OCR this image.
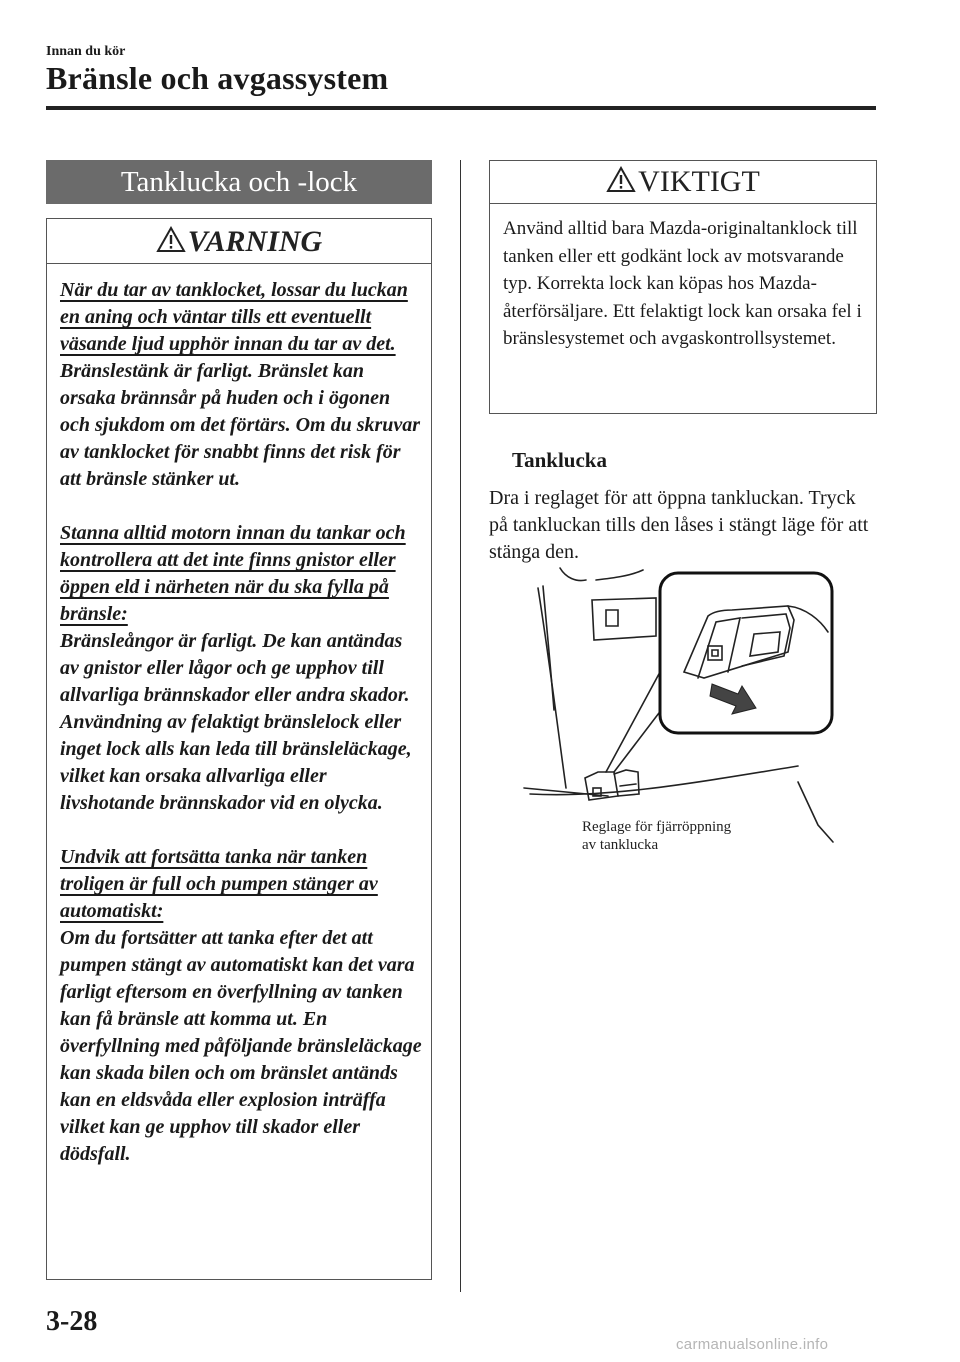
Innan du kör
Bränsle och avgassystem
Tanklucka och -lock
VARNING

När du tar av tanklocket, lossar du luckan en aning och väntar tills ett eventuellt väsande ljud upphör innan du tar av det.

Bränslestänk är farligt. Bränslet kan orsaka brännsår på huden och i ögonen och sjukdom om det förtärs. Om du skruvar av tanklocket för snabbt finns det risk för att bränsle stänker ut.

Stanna alltid motorn innan du tankar och kontrollera att det inte finns gnistor eller öppen eld i närheten när du ska fylla på bränsle:

Bränsleångor är farligt. De kan antändas av gnistor eller lågor och ge upphov till allvarliga brännskador eller andra skador. Användning av felaktigt bränslelock eller inget lock alls kan leda till bränsleläckage, vilket kan orsaka allvarliga eller livshotande brännskador vid en olycka.

Undvik att fortsätta tanka när tanken troligen är full och pumpen stänger av automatiskt:

Om du fortsätter att tanka efter det att pumpen stängt av automatiskt kan det vara farligt eftersom en överfyllning av tanken kan få bränsle att komma ut. En överfyllning med påföljande bränsleläckage kan skada bilen och om bränslet antänds kan en eldsvåda eller explosion inträffa vilket kan ge upphov till skador eller dödsfall.

VIKTIGT
Använd alltid bara Mazda-originaltanklock till tanken eller ett godkänt lock av motsvarande typ. Korrekta lock kan köpas hos Mazda-återförsäljare. Ett felaktigt lock kan orsaka fel i bränslesystemet och avgaskontrollsystemet.
Tanklucka
Dra i reglaget för att öppna tankluckan. Tryck på tankluckan tills den låses i stängt läge för att stänga den.
Reglage för fjärröppning
av tanklucka
3-28
carmanualsonline.info
